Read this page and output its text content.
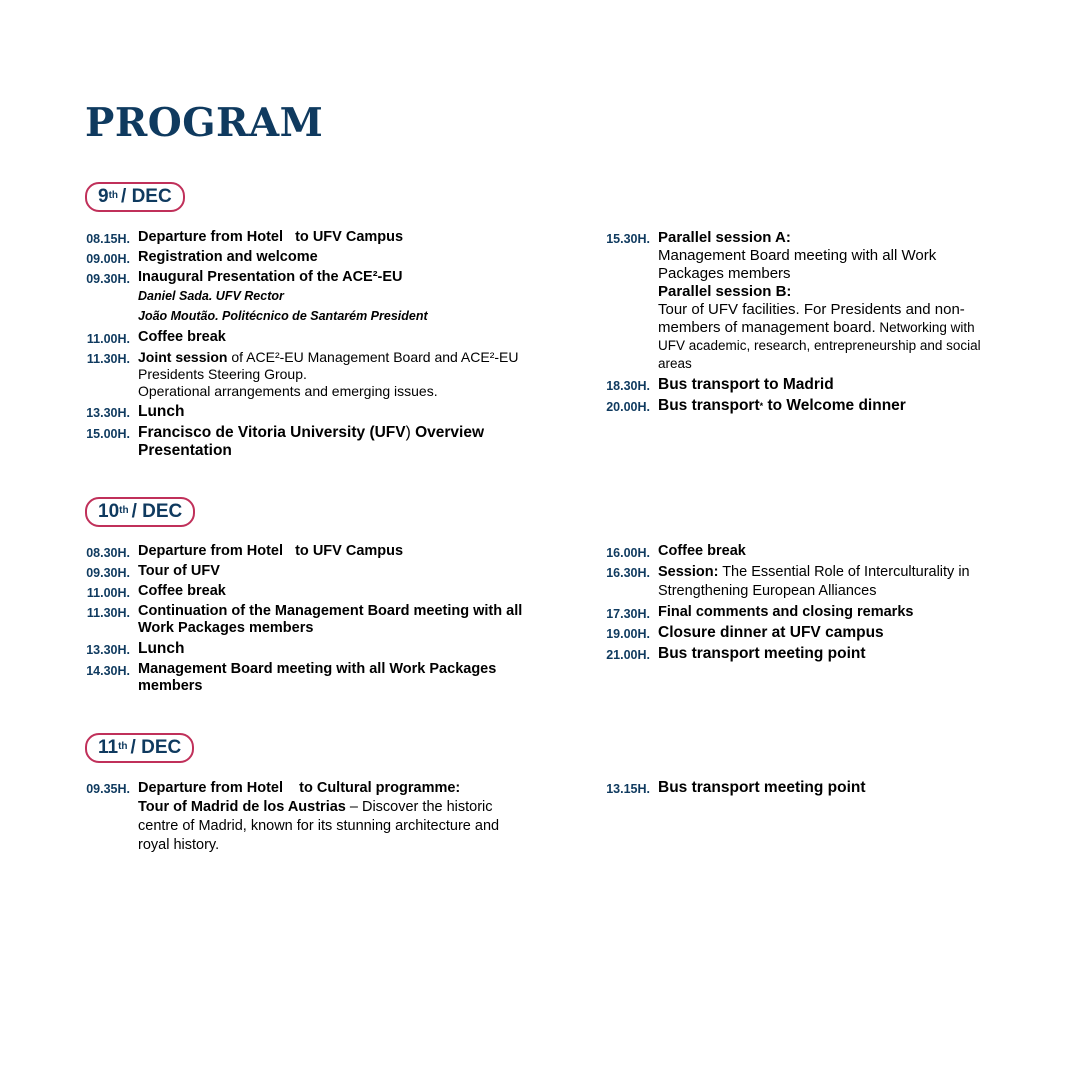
PROGRAM
9th / DEC
08.15H. Departure from Hotel   to UFV Campus
09.00H. Registration and welcome
09.30H. Inaugural Presentation of the ACE²-EU
Daniel Sada. UFV Rector
João Moutão. Politécnico de Santarém President
11.00H. Coffee break
11.30H. Joint session of ACE²-EU Management Board and ACE²-EU Presidents Steering Group.
Operational arrangements and emerging issues.
13.30H. Lunch
15.00H. Francisco de Vitoria University (UFV) Overview Presentation
15.30H. Parallel session A:
Management Board meeting with all Work Packages members
Parallel session B:
Tour of UFV facilities. For Presidents and non-members of management board. Networking with UFV academic, research, entrepreneurship and social areas
18.30H. Bus transport to Madrid
20.00H. Bus transport* to Welcome dinner
10th / DEC
08.30H. Departure from Hotel   to UFV Campus
09.30H. Tour of UFV
11.00H. Coffee break
11.30H. Continuation of the Management Board meeting with all Work Packages members
13.30H. Lunch
14.30H. Management Board meeting with all Work Packages members
16.00H. Coffee break
16.30H. Session: The Essential Role of Interculturality in Strengthening European Alliances
17.30H. Final comments and closing remarks
19.00H. Closure dinner at UFV campus
21.00H. Bus transport meeting point
11th / DEC
09.35H. Departure from Hotel    to Cultural programme:
Tour of Madrid de los Austrias – Discover the historic centre of Madrid, known for its stunning architecture and royal history.
13.15H. Bus transport meeting point
